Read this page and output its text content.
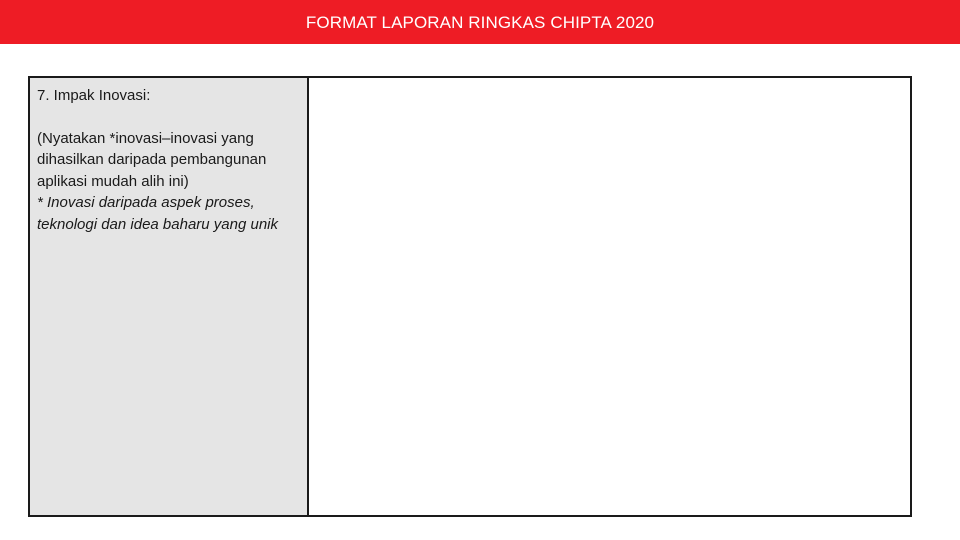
FORMAT LAPORAN RINGKAS CHIPTA 2020

7. Impak Inovasi:

(Nyatakan *inovasi–inovasi yang dihasilkan daripada pembangunan aplikasi mudah alih ini)

* Inovasi daripada aspek proses, teknologi dan idea baharu yang unik
